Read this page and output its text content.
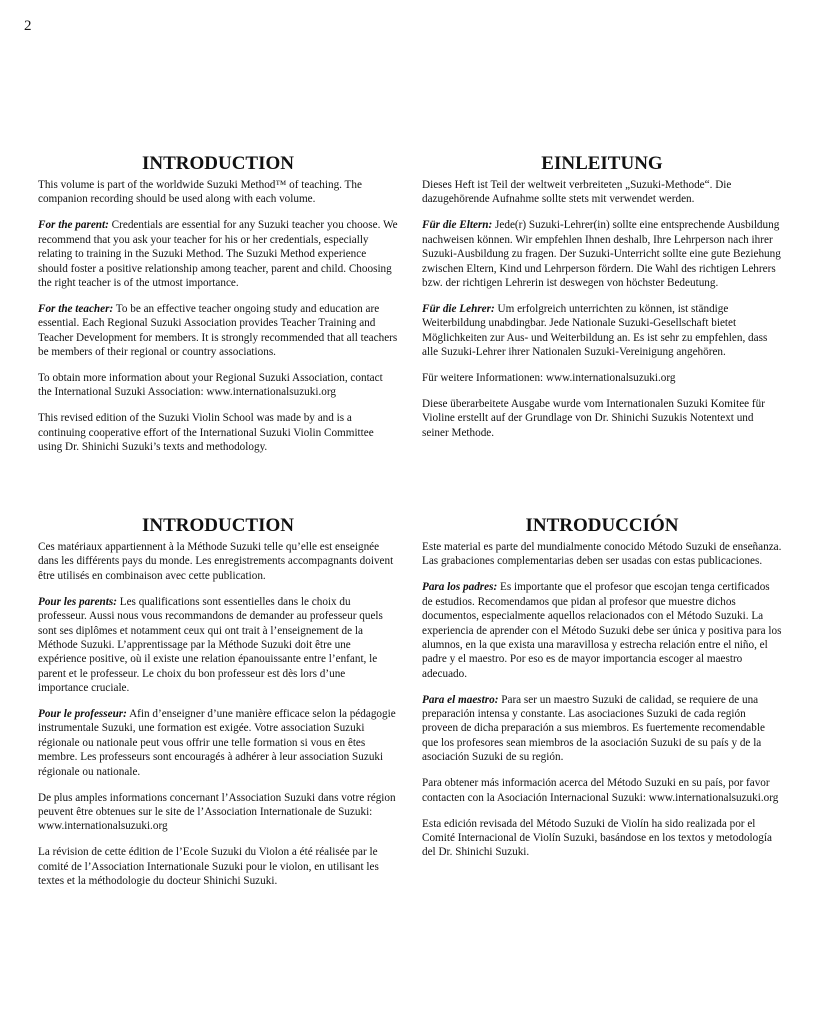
2
INTRODUCTION

This volume is part of the worldwide Suzuki Method™ of teaching. The companion recording should be used along with each volume.

For the parent: Credentials are essential for any Suzuki teacher you choose. We recommend that you ask your teacher for his or her credentials, especially relating to training in the Suzuki Method. The Suzuki Method experience should foster a positive relationship among teacher, parent and child. Choosing the right teacher is of the utmost importance.

For the teacher: To be an effective teacher ongoing study and education are essential. Each Regional Suzuki Association provides Teacher Training and Teacher Development for members. It is strongly recommended that all teachers be members of their regional or country associations.

To obtain more information about your Regional Suzuki Association, contact the International Suzuki Association: www.internationalsuzuki.org

This revised edition of the Suzuki Violin School was made by and is a continuing cooperative effort of the International Suzuki Violin Committee using Dr. Shinichi Suzuki’s texts and methodology.

EINLEITUNG

Dieses Heft ist Teil der weltweit verbreiteten „Suzuki-Methode“. Die dazugehörende Aufnahme sollte stets mit verwendet werden.

Für die Eltern: Jede(r) Suzuki-Lehrer(in) sollte eine entsprechende Ausbildung nachweisen können. Wir empfehlen Ihnen deshalb, Ihre Lehrperson nach ihrer Suzuki-Ausbildung zu fragen. Der Suzuki-Unterricht sollte eine gute Beziehung zwischen Eltern, Kind und Lehrperson fördern. Die Wahl des richtigen Lehrers bzw. der richtigen Lehrerin ist deswegen von höchster Bedeutung.

Für die Lehrer: Um erfolgreich unterrichten zu können, ist ständige Weiterbildung unabdingbar. Jede Nationale Suzuki-Gesellschaft bietet Möglichkeiten zur Aus- und Weiterbildung an. Es ist sehr zu empfehlen, dass alle Suzuki-Lehrer ihrer Nationalen Suzuki-Vereinigung angehören.

Für weitere Informationen: www.internationalsuzuki.org

Diese überarbeitete Ausgabe wurde vom Internationalen Suzuki Komitee für Violine erstellt auf der Grundlage von Dr. Shinichi Suzukis Notentext und seiner Methode.

INTRODUCTION

Ces matériaux appartiennent à la Méthode Suzuki telle qu’elle est enseignée dans les différents pays du monde. Les enregistrements accompagnants doivent être utilisés en combinaison avec cette publication.

Pour les parents: Les qualifications sont essentielles dans le choix du professeur. Aussi nous vous recommandons de demander au professeur quels sont ses diplômes et notamment ceux qui ont trait à l’enseignement de la Méthode Suzuki. L’apprentissage par la Méthode Suzuki doit être une expérience positive, où il existe une relation épanouissante entre l’enfant, le parent et le professeur. Le choix du bon professeur est dès lors d’une importance cruciale.

Pour le professeur: Afin d’enseigner d’une manière efficace selon la pédagogie instrumentale Suzuki, une formation est exigée. Votre association Suzuki régionale ou nationale peut vous offrir une telle formation si vous en êtes membre. Les professeurs sont encouragés à adhérer à leur association Suzuki régionale ou nationale.

De plus amples informations concernant l’Association Suzuki dans votre région peuvent être obtenues sur le site de l’Association Internationale de Suzuki: www.internationalsuzuki.org

La révision de cette édition de l’Ecole Suzuki du Violon a été réalisée par le comité de l’Association Internationale Suzuki pour le violon, en utilisant les textes et la méthodologie du docteur Shinichi Suzuki.

INTRODUCCIÓN

Este material es parte del mundialmente conocido Método Suzuki de enseñanza. Las grabaciones complementarias deben ser usadas con estas publicaciones.

Para los padres: Es importante que el profesor que escojan tenga certificados de estudios. Recomendamos que pidan al profesor que muestre dichos documentos, especialmente aquellos relacionados con el Método Suzuki. La experiencia de aprender con el Método Suzuki debe ser única y positiva para los alumnos, en la que exista una maravillosa y estrecha relación entre el niño, el padre y el maestro. Por eso es de mayor importancia escoger al maestro adecuado.

Para el maestro: Para ser un maestro Suzuki de calidad, se requiere de una preparación intensa y constante. Las asociaciones Suzuki de cada región proveen de dicha preparación a sus miembros. Es fuertemente recomendable que los profesores sean miembros de la asociación Suzuki de su país y de la asociación Suzuki de su región.

Para obtener más información acerca del Método Suzuki en su país, por favor contacten con la Asociación Internacional Suzuki: www.internationalsuzuki.org

Esta edición revisada del Método Suzuki de Violín ha sido realizada por el Comité Internacional de Violín Suzuki, basándose en los textos y metodología del Dr. Shinichi Suzuki.
